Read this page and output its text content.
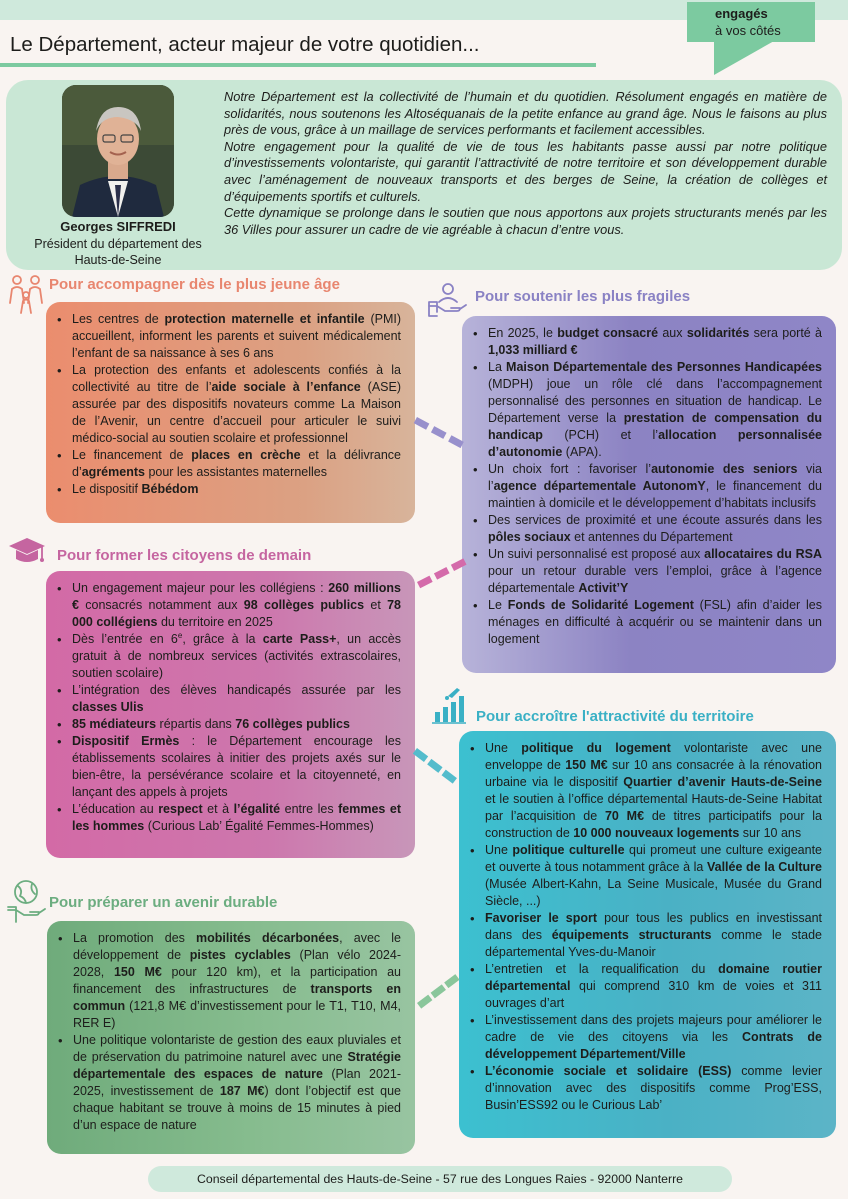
engagés
à vos côtés
Le Département, acteur majeur de votre quotidien...
Georges SIFFREDI
Président du département des Hauts-de-Seine

Notre Département est la collectivité de l’humain et du quotidien. Résolument engagés en matière de solidarités, nous soutenons les Altoséquanais de la petite enfance au grand âge. Nous le faisons au plus près de vous, grâce à un maillage de services performants et facilement accessibles.

Notre engagement pour la qualité de vie de tous les habitants passe aussi par notre politique d’investissements volontariste, qui garantit l’attractivité de notre territoire et son développement durable avec l’aménagement de nouveaux transports et des berges de Seine, la création de collèges et d’équipements sportifs et culturels.

Cette dynamique se prolonge dans le soutien que nous apportons aux projets structurants menés par les 36 Villes pour assurer un cadre de vie agréable à chacun d’entre vous.

Pour accompagner dès le plus jeune âge
• Les centres de protection maternelle et infantile (PMI) accueillent, informent les parents et suivent médicalement l’enfant de sa naissance à ses 6 ans
• La protection des enfants et adolescents confiés à la collectivité au titre de l’aide sociale à l’enfance (ASE) assurée par des dispositifs novateurs comme La Maison de l’Avenir, un centre d’accueil pour articuler le suivi médico-social au soutien scolaire et professionnel
• Le financement de places en crèche et la délivrance d’agréments pour les assistantes maternelles
• Le dispositif Bébédom
Pour soutenir les plus fragiles
• En 2025, le budget consacré aux solidarités sera porté à 1,033 milliard €
• La Maison Départementale des Personnes Handicapées (MDPH) joue un rôle clé dans l’accompagnement personnalisé des personnes en situation de handicap. Le Département verse la prestation de compensation du handicap (PCH) et l’allocation personnalisée d’autonomie (APA).
• Un choix fort : favoriser l’autonomie des seniors via l’agence départementale AutonomY, le financement du maintien à domicile et le développement d’habitats inclusifs
• Des services de proximité et une écoute assurés dans les pôles sociaux et antennes du Département
• Un suivi personnalisé est proposé aux allocataires du RSA pour un retour durable vers l’emploi, grâce à l’agence départementale Activit’Y
• Le Fonds de Solidarité Logement (FSL) afin d’aider les ménages en difficulté à acquérir ou se maintenir dans un logement
Pour former les citoyens de demain
• Un engagement majeur pour les collégiens : 260 millions € consacrés notamment aux 98 collèges publics et 78 000 collégiens du territoire en 2025
• Dès l’entrée en 6e, grâce à la carte Pass+, un accès gratuit à de nombreux services (activités extrascolaires, soutien scolaire)
• L’intégration des élèves handicapés assurée par les classes Ulis
• 85 médiateurs répartis dans 76 collèges publics
• Dispositif Ermès : le Département encourage les établissements scolaires à initier des projets axés sur le bien-être, la persévérance scolaire et la citoyenneté, en lançant des appels à projets
• L’éducation au respect et à l’égalité entre les femmes et les hommes (Curious Lab’ Égalité Femmes-Hommes)
Pour accroître l'attractivité du territoire
• Une politique du logement volontariste avec une enveloppe de 150 M€ sur 10 ans consacrée à la rénovation urbaine via le dispositif Quartier d’avenir Hauts-de-Seine et le soutien à l’office départemental Hauts-de-Seine Habitat par l’acquisition de 70 M€ de titres participatifs pour la construction de 10 000 nouveaux logements sur 10 ans
• Une politique culturelle qui promeut une culture exigeante et ouverte à tous notamment grâce à la Vallée de la Culture (Musée Albert-Kahn, La Seine Musicale, Musée du Grand Siècle, ...)
• Favoriser le sport pour tous les publics en investissant dans des équipements structurants comme le stade départemental Yves-du-Manoir
• L’entretien et la requalification du domaine routier départemental qui comprend 310 km de voies et 311 ouvrages d’art
• L’investissement dans des projets majeurs pour améliorer le cadre de vie des citoyens via les Contrats de développement Département/Ville
• L’économie sociale et solidaire (ESS) comme levier d’innovation avec des dispositifs comme Prog’ESS, Busin’ESS92 ou le Curious Lab’
Pour préparer un avenir durable
• La promotion des mobilités décarbonées, avec le développement de pistes cyclables (Plan vélo 2024-2028, 150 M€ pour 120 km), et la participation au financement des infrastructures de transports en commun (121,8 M€ d’investissement pour le T1, T10, M4, RER E)
• Une politique volontariste de gestion des eaux pluviales et de préservation du patrimoine naturel avec une Stratégie départementale des espaces de nature (Plan 2021-2025, investissement de 187 M€) dont l’objectif est que chaque habitant se trouve à moins de 15 minutes à pied d’un espace de nature
Conseil départemental des Hauts-de-Seine - 57 rue des Longues Raies - 92000 Nanterre
